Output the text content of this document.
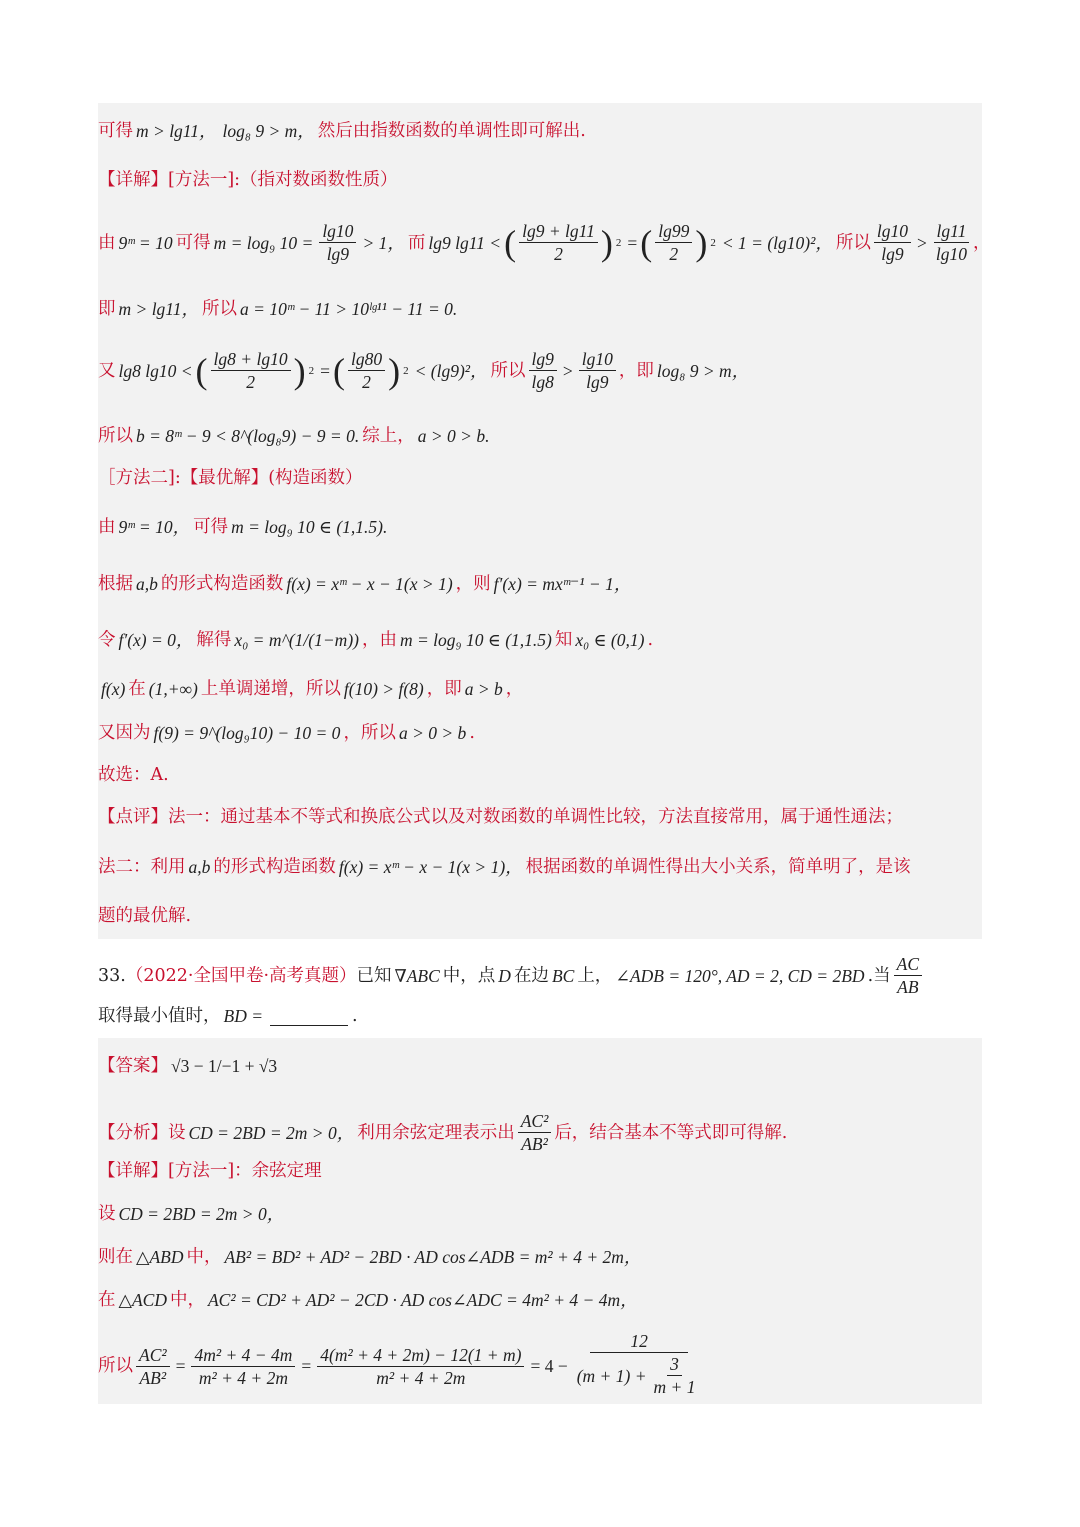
可得 m > lg11， log₈ 9 > m， 然后由指数函数的单调性即可解出.
【详解】[方法一]:（指对数函数性质）
由 9ᵐ = 10 可得 m = log₉ $10 = \frac{\lg 10}{\lg 9} > 1$， 而 lg9 lg11 < ( $\frac{\lg 9 + \lg 11}{2}$ ) 2 = ( $\frac{\lg 99}{2}$ ) 2 < 1 = (lg10)²， 所以 $\frac{\lg 10}{\lg 9} > \frac{\lg 11}{\lg 10}$ ，
即 m > lg11， 所以 a = 10ᵐ − 11 > 10ˡᵍ¹¹ − 11 = 0.
又 lg8 lg10 < ( $\frac{\lg 8 + \lg 10}{2}$ ) 2 = ( $\frac{\lg 80}{2}$ ) 2 < (lg9)²， 所以 $\frac{\lg 9}{\lg 8} > \frac{\lg 10}{\lg 9}$ ，即 log₈ 9 > m，
所以 b = 8ᵐ − 9 < 8^(log₈9) − 9 = 0. 综上， a > 0 > b.
［方法二]:【最优解】(构造函数）
由 9ᵐ = 10， 可得 m = log₉ 10 ∈ (1,1.5).
根据 a,b 的形式构造函数 f(x) = xᵐ − x − 1(x > 1) ，则 f′(x) = mxᵐ⁻¹ − 1，
令 f′(x) = 0， 解得 x₀ = m^(1/(1−m)) ，由 m = log₉ 10 ∈ (1,1.5) 知 x₀ ∈ (0,1) .
f(x) 在 (1,+∞) 上单调递增，所以 f(10) > f(8) ，即 a > b ，
又因为 f(9) = 9^(log₉10) − 10 = 0 ，所以 a > 0 > b .
故选：A.
【点评】法一：通过基本不等式和换底公式以及对数函数的单调性比较，方法直接常用，属于通性通法；
法二：利用 a,b 的形式构造函数 f(x) = xᵐ − x − 1(x > 1)， 根据函数的单调性得出大小关系，简单明了，是该
题的最优解.
33. （2022·全国甲卷·高考真题） 已知 ∇ABC 中，点 D 在边 BC 上， ∠ADB = 120°, AD = 2, CD = 2BD .当 $\frac{AC}{AB}$
取得最小值时， BD =	.
【答案】 √3 − 1/−1 + √3
【分析】设 CD = 2BD = 2m > 0， 利用余弦定理表示出 $\frac{\text{AC²}}{\text{AB²}}$ 后，结合基本不等式即可得解.
【详解】[方法一]：余弦定理
设 CD = 2BD = 2m > 0，
则在 △ABD 中， AB² = BD² + AD² − 2BD · AD cos∠ADB = m² + 4 + 2m，
在 △ACD 中， AC² = CD² + AD² − 2CD · AD cos∠ADC = 4m² + 4 − 4m，
所以 $\frac{\text{AC²}}{\text{AB²}} = \frac{\text{4m² + 4 − 4m}}{\text{m² + 4 + 2m}} = \frac{\text{4(m² + 4 + 2m) − 12(1 + m)}}{\text{m² + 4 + 2m}} = 4 - \frac{12}{(m + 1) + \frac{3}{m + 1}}$
